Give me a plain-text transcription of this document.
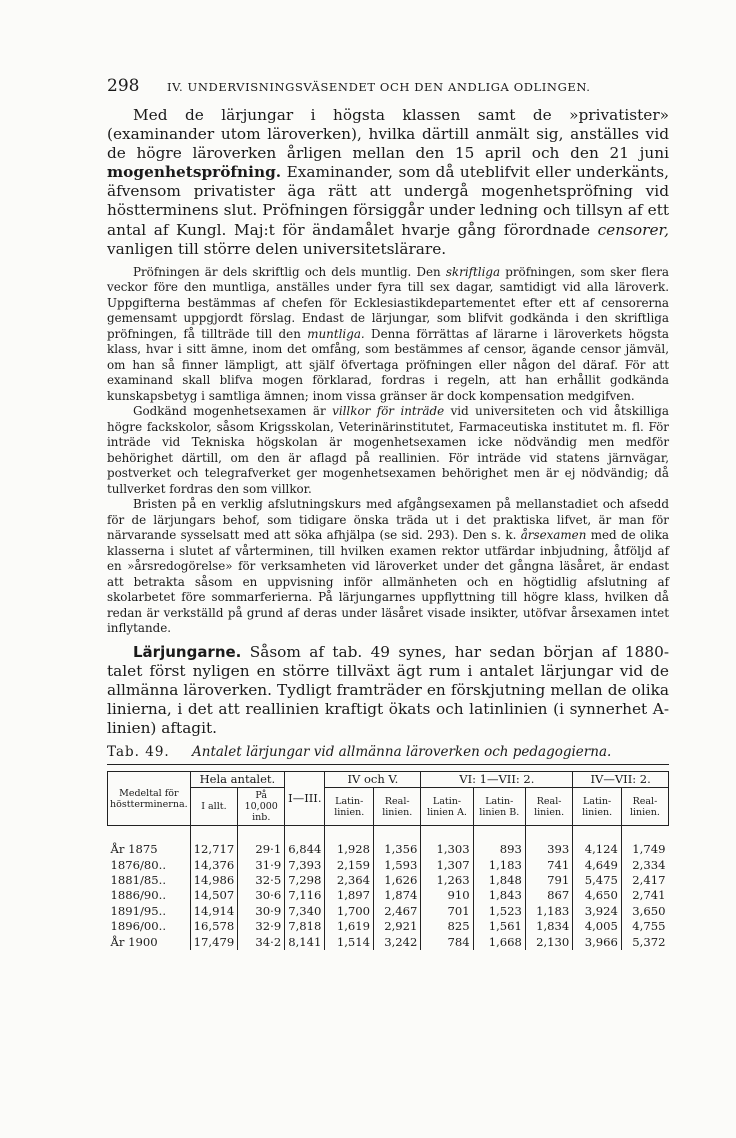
298	IV. UNDERVISNINGSVÄSENDET OCH DEN ANDLIGA ODLINGEN.

Med de lärjungar i högsta klassen samt de »privatister» (examinander utom läroverken), hvilka därtill anmält sig, anställes vid de högre läroverken årligen mellan den 15 april och den 21 juni mogenhetspröfning. Examinander, som då uteblifvit eller underkänts, äfvensom privatister äga rätt att undergå mogenhetspröfning vid höstterminens slut. Pröfningen försiggår under ledning och tillsyn af ett antal af Kungl. Maj:t för ändamålet hvarje gång förordnade censorer, vanligen till större delen universitetslärare.

Pröfningen är dels skriftlig och dels muntlig. Den skriftliga pröfningen, som sker flera veckor före den muntliga, anställes under fyra till sex dagar, samtidigt vid alla läroverk. Uppgifterna bestämmas af chefen för Ecklesiastikdepartementet efter ett af censorerna gemensamt uppgjordt förslag. Endast de lärjungar, som blifvit godkända i den skriftliga pröfningen, få tillträde till den muntliga. Denna förrättas af lärarne i läroverkets högsta klass, hvar i sitt ämne, inom det omfång, som bestämmes af censor, ägande censor jämväl, om han så finner lämpligt, att själf öfvertaga pröfningen eller någon del däraf. För att examinand skall blifva mogen förklarad, fordras i regeln, att han erhållit godkända kunskapsbetyg i samtliga ämnen; inom vissa gränser är dock kompensation medgifven.

Godkänd mogenhetsexamen är villkor för inträde vid universiteten och vid åtskilliga högre fackskolor, såsom Krigsskolan, Veterinärinstitutet, Farmaceutiska institutet m. fl. För inträde vid Tekniska högskolan är mogenhetsexamen icke nödvändig men medför behörighet därtill, om den är aflagd på reallinien. För inträde vid statens järnvägar, postverket och telegrafverket ger mogenhetsexamen behörighet men är ej nödvändig; då tullverket fordras den som villkor.

Bristen på en verklig afslutningskurs med afgångsexamen på mellanstadiet och afsedd för de lärjungars behof, som tidigare önska träda ut i det praktiska lifvet, är man för närvarande sysselsatt med att söka afhjälpa (se sid. 293). Den s. k. årsexamen med de olika klasserna i slutet af vårterminen, till hvilken examen rektor utfärdar inbjudning, åtföljd af en »årsredogörelse» för verksamheten vid läroverket under det gångna läsåret, är endast att betrakta såsom en uppvisning inför allmänheten och en högtidlig afslutning af skolarbetet före sommarferierna. På lärjungarnes uppflyttning till högre klass, hvilken då redan är verkställd på grund af deras under läsåret visade insikter, utöfvar årsexamen intet inflytande.

Lärjungarne. Såsom af tab. 49 synes, har sedan början af 1880-talet först nyligen en större tillväxt ägt rum i antalet lärjungar vid de allmänna läroverken. Tydligt framträder en förskjutning mellan de olika linierna, i det att reallinien kraftigt ökats och latinlinien (i synnerhet A-linien) aftagit.

Tab. 49. Antalet lärjungar vid allmänna läroverken och pedagogierna.
Medeltal för höstterminerna.	Hela antalet.		I—III.	IV och V.		VI: 1—VII: 2.			IV—VII: 2.	
	I allt.	På 10,000 inb.		Latin-linien.	Real-linien.	Latin-linien A.	Latin-linien B.	Real-linien.	Latin-linien.	Real-linien.
År 1875	12,717	29·1	6,844	1,928	1,356	1,303	893	393	4,124	1,749
1876/80..	14,376	31·9	7,393	2,159	1,593	1,307	1,183	741	4,649	2,334
1881/85..	14,986	32·5	7,298	2,364	1,626	1,263	1,848	791	5,475	2,417
1886/90..	14,507	30·6	7,116	1,897	1,874	910	1,843	867	4,650	2,741
1891/95..	14,914	30·9	7,340	1,700	2,467	701	1,523	1,183	3,924	3,650
1896/00..	16,578	32·9	7,818	1,619	2,921	825	1,561	1,834	4,005	4,755
År 1900	17,479	34·2	8,141	1,514	3,242	784	1,668	2,130	3,966	5,372
